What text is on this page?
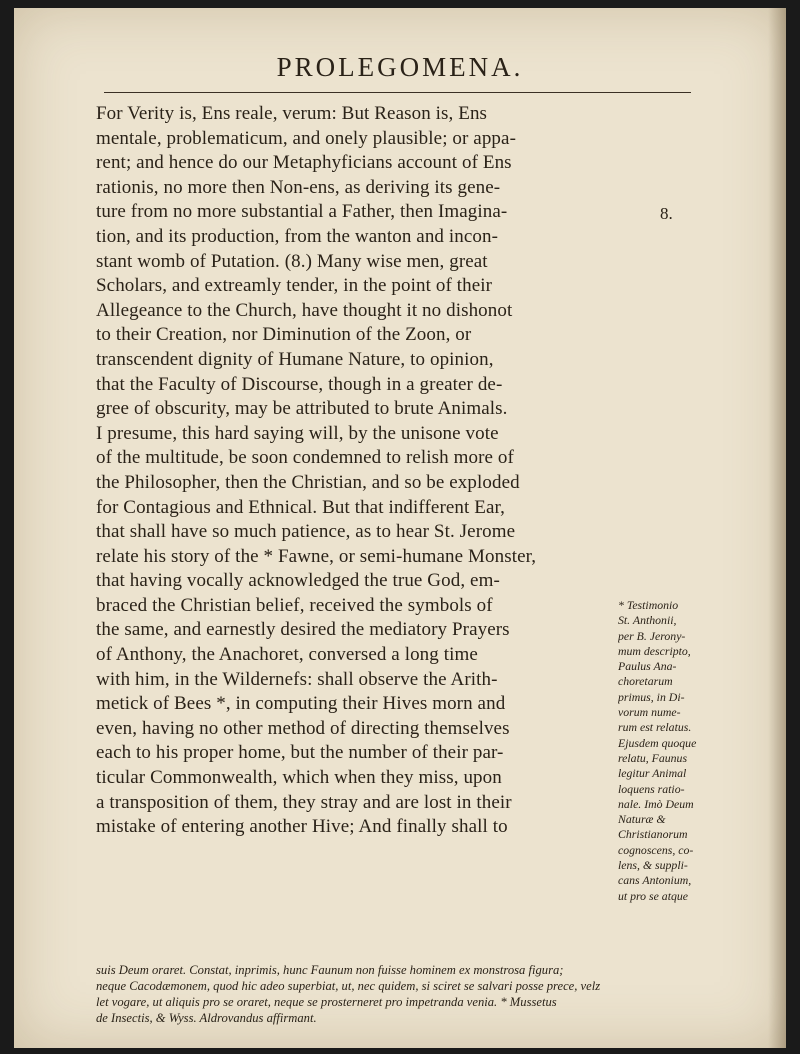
PROLEGOMENA.
For Verity is, Ens reale, verum: But Reason is, Ens
mentale, problematicum, and onely plausible; or appa-
rent; and hence do our Metaphyficians account of Ens
rationis, no more then Non-ens, as deriving its gene-
ture from no more substantial a Father, then Imagina-
tion, and its production, from the wanton and incon-
stant womb of Putation. (8.) Many wise men, great
Scholars, and extreamly tender, in the point of their
Allegeance to the Church, have thought it no dishonot
to their Creation, nor Diminution of the Zoon, or
transcendent dignity of Humane Nature, to opinion,
that the Faculty of Discourse, though in a greater de-
gree of obscurity, may be attributed to brute Animals.
I presume, this hard saying will, by the unisone vote
of the multitude, be soon condemned to relish more of
the Philosopher, then the Christian, and so be exploded
for Contagious and Ethnical. But that indifferent Ear,
that shall have so much patience, as to hear St. Jerome
relate his story of the * Fawne, or semi-humane Monster,
that having vocally acknowledged the true God, em-
braced the Christian belief, received the symbols of
the same, and earnestly desired the mediatory Prayers
of Anthony, the Anachoret, conversed a long time
with him, in the Wildernefs: shall observe the Arith-
metick of Bees *, in computing their Hives morn and
even, having no other method of directing themselves
each to his proper home, but the number of their par-
ticular Commonwealth, which when they miss, upon
a transposition of them, they stray and are lost in their
mistake of entering another Hive; And finally shall to
8.
* Testimonio
St. Anthonii,
per B. Jerony-
mum descripto,
Paulus Ana-
choretarum
primus, in Di-
vorum nume-
rum est relatus.
Ejusdem quoque
relatu, Faunus
legitur Animal
loquens ratio-
nale. Imò Deum
Naturæ &
Christianorum
cognoscens, co-
lens, & suppli-
cans Antonium,
ut pro se atque
suis Deum oraret. Constat, inprimis, hunc Faunum non fuisse hominem ex monstrosa figura;
neque Cacodæmonem, quod hic adeo superbiat, ut, nec quidem, si sciret se salvari posse prece, velz
let vogare, ut aliquis pro se oraret, neque se prosterneret pro impetranda venia. * Mussetus
de Insectis, & Wyss. Aldrovandus affirmant.
